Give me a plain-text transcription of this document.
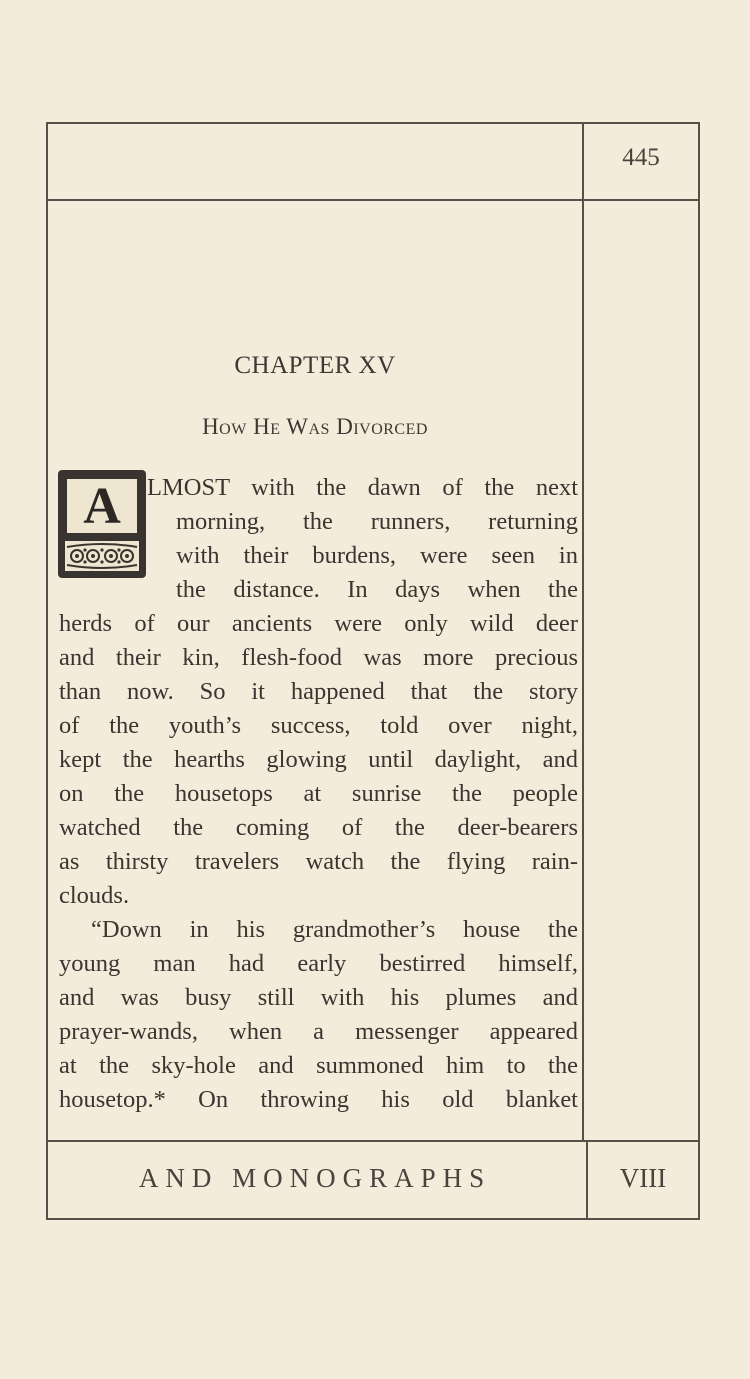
445
CHAPTER XV
How He Was Divorced
A	LMOST with the dawn of the next
morning, the runners, returning
with their burdens, were seen in
the distance. In days when the
herds of our ancients were only wild deer
and their kin, flesh-food was more precious
than now. So it happened that the story
of the youth’s success, told over night,
kept the hearths glowing until daylight, and
on the housetops at sunrise the people
watched the coming of the deer-bearers
as thirsty travelers watch the flying rain-
clouds.
“Down in his grandmother’s house the
young man had early bestirred himself,
and was busy still with his plumes and
prayer-wands, when a messenger appeared
at the sky-hole and summoned him to the
housetop.* On throwing his old blanket
AND MONOGRAPHS	VIII
